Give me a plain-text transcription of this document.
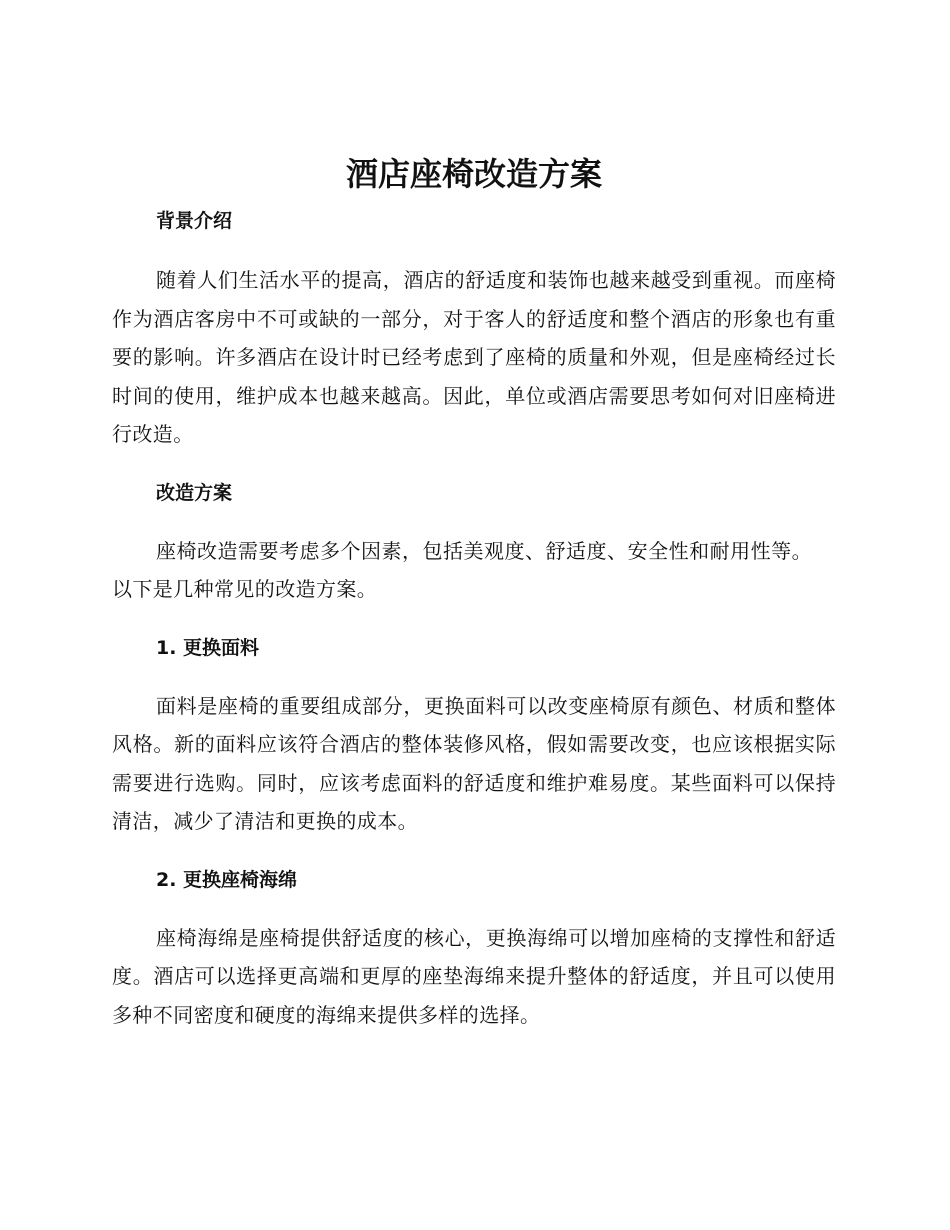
酒店座椅改造方案
背景介绍

随着人们生活水平的提高，酒店的舒适度和装饰也越来越受到重视。而座椅作为酒店客房中不可或缺的一部分，对于客人的舒适度和整个酒店的形象也有重要的影响。许多酒店在设计时已经考虑到了座椅的质量和外观，但是座椅经过长时间的使用，维护成本也越来越高。因此，单位或酒店需要思考如何对旧座椅进行改造。

改造方案

座椅改造需要考虑多个因素，包括美观度、舒适度、安全性和耐用性等。以下是几种常见的改造方案。

1. 更换面料

面料是座椅的重要组成部分，更换面料可以改变座椅原有颜色、材质和整体风格。新的面料应该符合酒店的整体装修风格，假如需要改变，也应该根据实际需要进行选购。同时，应该考虑面料的舒适度和维护难易度。某些面料可以保持清洁，减少了清洁和更换的成本。

2. 更换座椅海绵

座椅海绵是座椅提供舒适度的核心，更换海绵可以增加座椅的支撑性和舒适度。酒店可以选择更高端和更厚的座垫海绵来提升整体的舒适度，并且可以使用多种不同密度和硬度的海绵来提供多样的选择。
